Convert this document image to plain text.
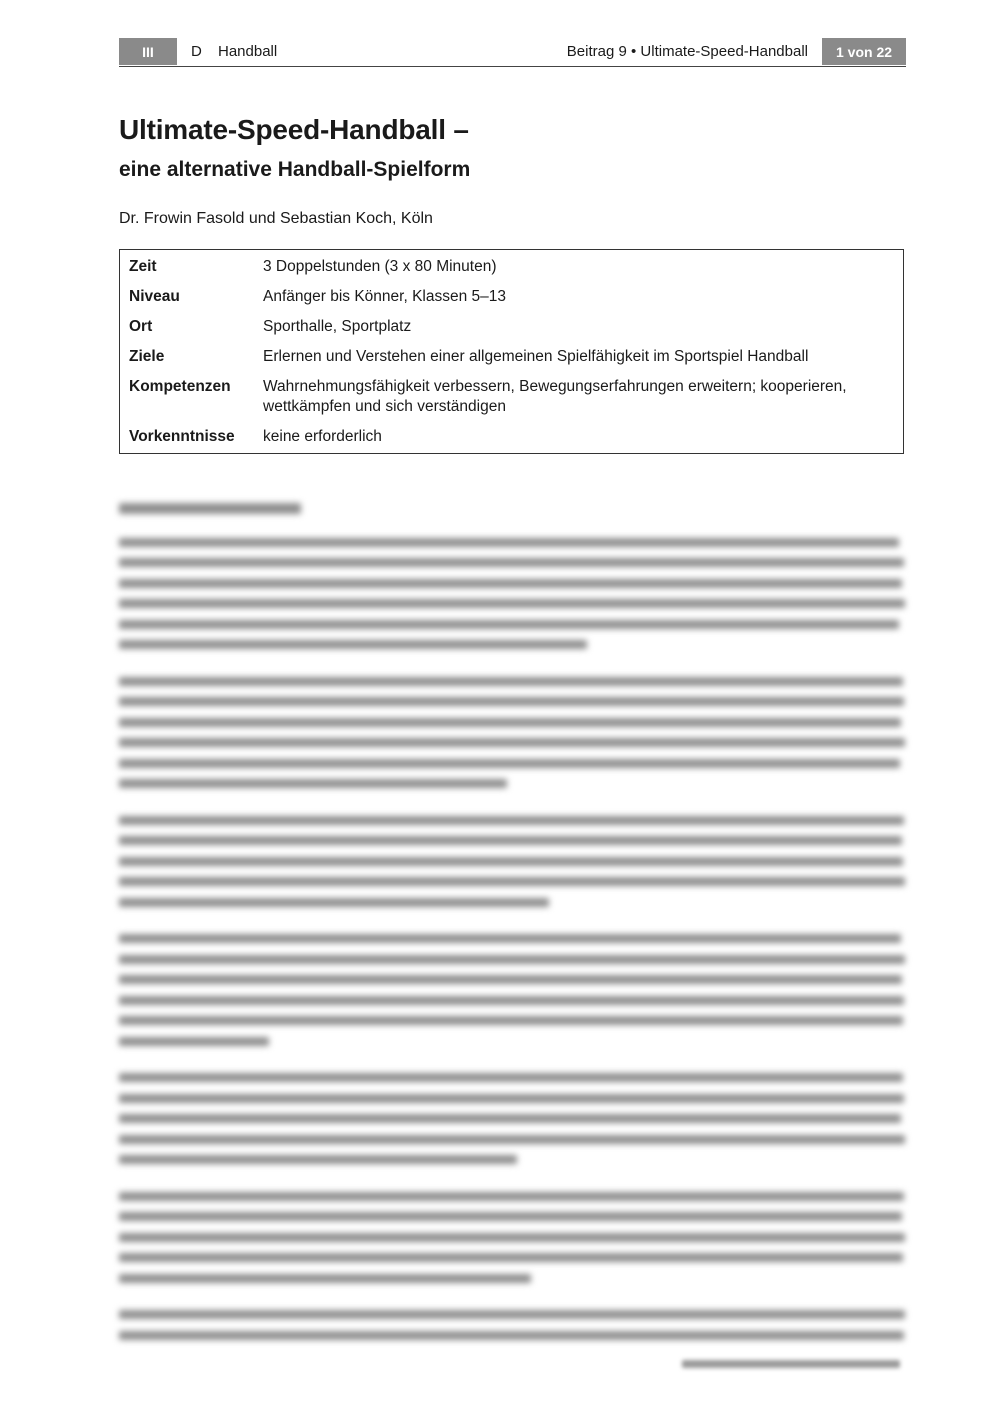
III	D Handball	Beitrag 9 • Ultimate-Speed-Handball	1 von 22
Ultimate-Speed-Handball –
eine alternative Handball-Spielform
Dr. Frowin Fasold und Sebastian Koch, Köln
Zeit	3 Doppelstunden (3 x 80 Minuten)
Niveau	Anfänger bis Könner, Klassen 5–13
Ort	Sporthalle, Sportplatz
Ziele	Erlernen und Verstehen einer allgemeinen Spielfähigkeit im Sportspiel Handball
Kompetenzen	Wahrnehmungsfähigkeit verbessern, Bewegungserfahrungen erweitern; kooperieren, wettkämpfen und sich verständigen
Vorkenntnisse	keine erforderlich
